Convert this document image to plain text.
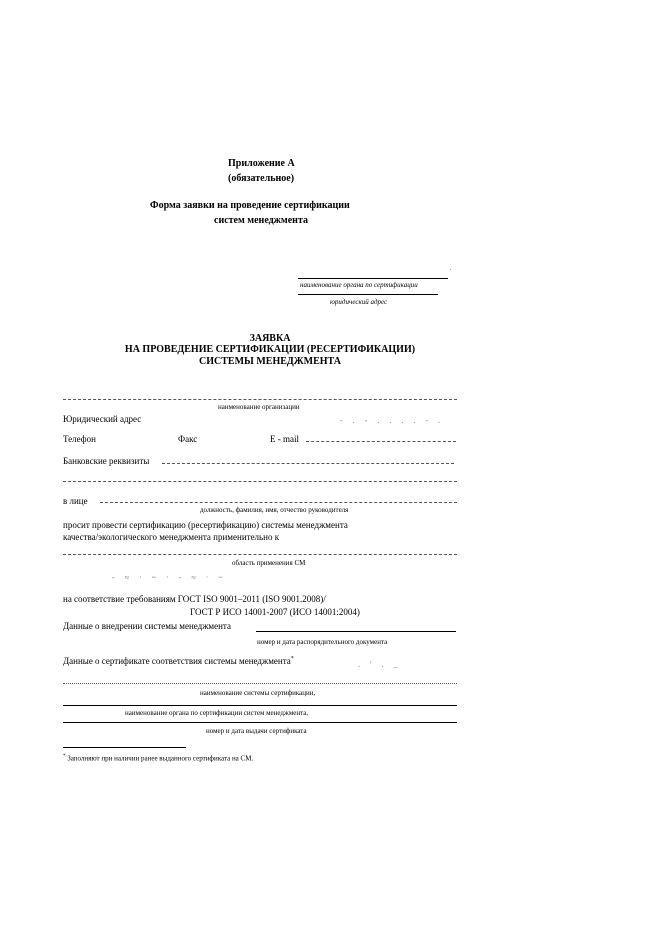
Приложение А
(обязательное)
Форма заявки на проведение сертификации
систем менеджмента
.
наименование органа по сертификации
юридический адрес
ЗАЯВКА
НА ПРОВЕДЕНИЕ СЕРТИФИКАЦИИ (РЕСЕРТИФИКАЦИИ)
СИСТЕМЫ МЕНЕДЖМЕНТА
наименование организации
Юридический адрес	- . - . . . . - .
Телефон	Факс	E - mail
Банковские реквизиты
в лице
должность, фамилия, имя, отчество руководителя
просит провести сертификацию (ресертификацию) системы менеджмента
качества/экологического менеджмента применительно к
область применения СМ
- ≈ · ~ · - ≈ · ~
на соответствие требованиям ГОСТ ISO 9001–2011 (ISO 9001.2008)/
ГОСТ Р ИСО 14001-2007 (ИСО 14001:2004)
Данные о внедрении системы менеджмента
номер и дата распорядительного документа
Данные о сертификате соответствия системы менеджмента*
. ' . _
наименование системы сертификации,
наименование органа по сертификации систем менеджмента,
номер и дата выдачи сертификата
* Заполняют при наличии ранее выданного сертификата на СМ.
